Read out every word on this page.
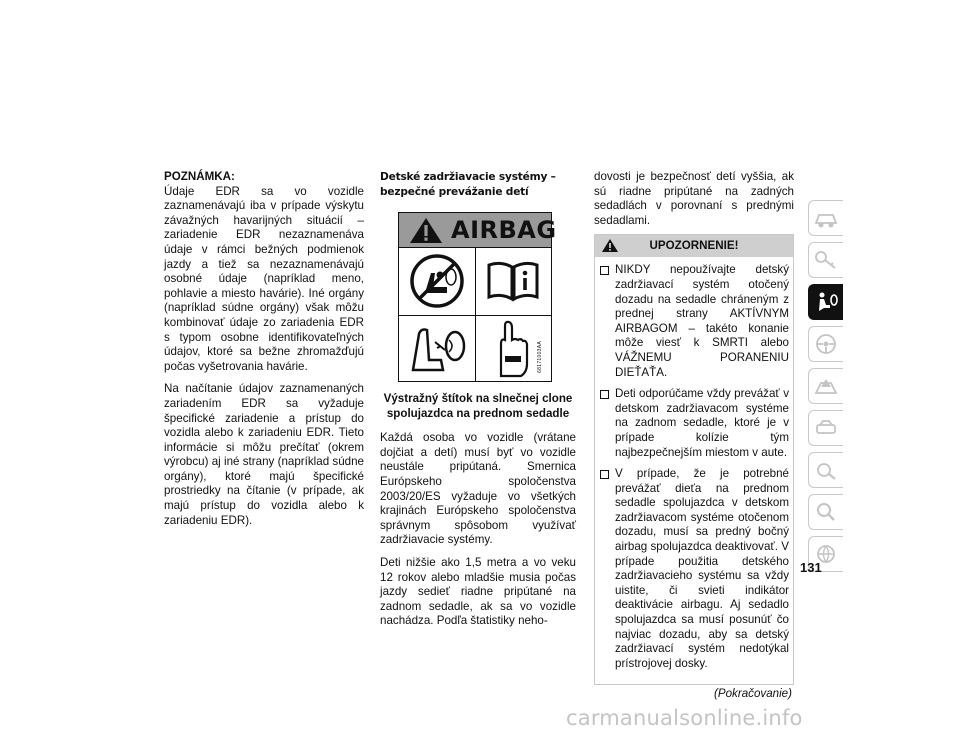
POZNÁMKA:

Údaje EDR sa vo vozidle zaznamenávajú iba v prípade výskytu závažných havarijných situácií – zariadenie EDR nezaznamenáva údaje v rámci bežných podmienok jazdy a tiež sa nezaznamenávajú osobné údaje (napríklad meno, pohlavie a miesto havárie). Iné orgány (napríklad súdne orgány) však môžu kombinovať údaje zo zariadenia EDR s typom osobne identifikovateľných údajov, ktoré sa bežne zhromažďujú počas vyšetrovania havárie.

Na načítanie údajov zaznamenaných zariadením EDR sa vyžaduje špecifické zariadenie a prístup do vozidla alebo k zariadeniu EDR. Tieto informácie si môžu prečítať (okrem výrobcu) aj iné strany (napríklad súdne orgány), ktoré majú špecifické prostriedky na čítanie (v prípade, ak majú prístup do vozidla alebo k zariadeniu EDR).

Detské zadržiavacie systémy – bezpečné prevážanie detí
AIRBAG
68171003AA
Výstražný štítok na slnečnej clone spolujazdca na prednom sedadle

Každá osoba vo vozidle (vrátane dojčiat a detí) musí byť vo vozidle neustále pripútaná. Smernica Európskeho spoločenstva 2003/20/ES vyžaduje vo všetkých krajinách Európskeho spoločenstva správnym spôsobom využívať zadržiavacie systémy.

Deti nižšie ako 1,5 metra a vo veku 12 rokov alebo mladšie musia počas jazdy sedieť riadne pripútané na zadnom sedadle, ak sa vo vozidle nachádza. Podľa štatistiky neho-

dovosti je bezpečnosť detí vyššia, ak sú riadne pripútané na zadných sedadlách v porovnaní s prednými sedadlami.

UPOZORNENIE!
NIKDY nepoužívajte detský zadržiavací systém otočený dozadu na sedadle chráneným z prednej strany AKTÍVNYM AIRBAGOM – takéto konanie môže viesť k SMRTI alebo VÁŽNEMU PORANENIU DIEŤAŤA.
Deti odporúčame vždy prevážať v detskom zadržiavacom systéme na zadnom sedadle, ktoré je v prípade kolízie tým najbezpečnejším miestom v aute.
V prípade, že je potrebné prevážať dieťa na prednom sedadle spolujazdca v detskom zadržiavacom systéme otočenom dozadu, musí sa predný bočný airbag spolujazdca deaktivovať. V prípade použitia detského zadržiavacieho systému sa vždy uistite, či svieti indikátor deaktivácie airbagu. Aj sedadlo spolujazdca sa musí posunúť čo najviac dozadu, aby sa detský zadržiavací systém nedotýkal prístrojovej dosky.
(Pokračovanie)
131
carmanualsonline.info
